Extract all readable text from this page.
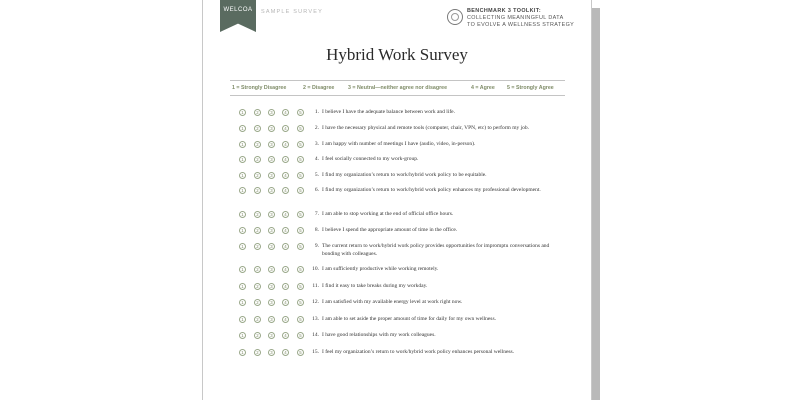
WELCOA	SAMPLE SURVEY	BENCHMARK 3 TOOLKIT:
COLLECTING MEANINGFUL DATA
TO EVOLVE A WELLNESS STRATEGY
Hybrid Work Survey
1 = Strongly Disagree	2 = Disagree	3 = Neutral—neither agree nor disagree	4 = Agree 5 = Strongly Agree
1	2	3	4	5	1. I believe I have the adequate balance between work and life.
1	2	3	4	5	2. I have the necessary physical and remote tools (computer, chair, VPN, etc) to perform my job.
1	2	3	4	5	3. I am happy with number of meetings I have (audio, video, in-person).
1	2	3	4	5	4. I feel socially connected to my work-group.
1	2	3	4	5	5. I find my organization’s return to work/hybrid work policy to be equitable.
1	2	3	4	5	6. I find my organization’s return to work/hybrid work policy enhances my professional development.
1	2	3	4	5	7. I am able to stop working at the end of official office hours.
1	2	3	4	5	8. I believe I spend the appropriate amount of time in the office.
1	2	3	4	5	9. The current return to work/hybrid work policy provides opportunities for impromptu conversations and bonding with colleagues.
1	2	3	4	5	10. I am sufficiently productive while working remotely.
1	2	3	4	5	11. I find it easy to take breaks during my workday.
1	2	3	4	5	12. I am satisfied with my available energy level at work right now.
1	2	3	4	5	13. I am able to set aside the proper amount of time for daily for my own wellness.
1	2	3	4	5	14. I have good relationships with my work colleagues.
1	2	3	4	5	15. I feel my organization’s return to work/hybrid work policy enhances personal wellness.
